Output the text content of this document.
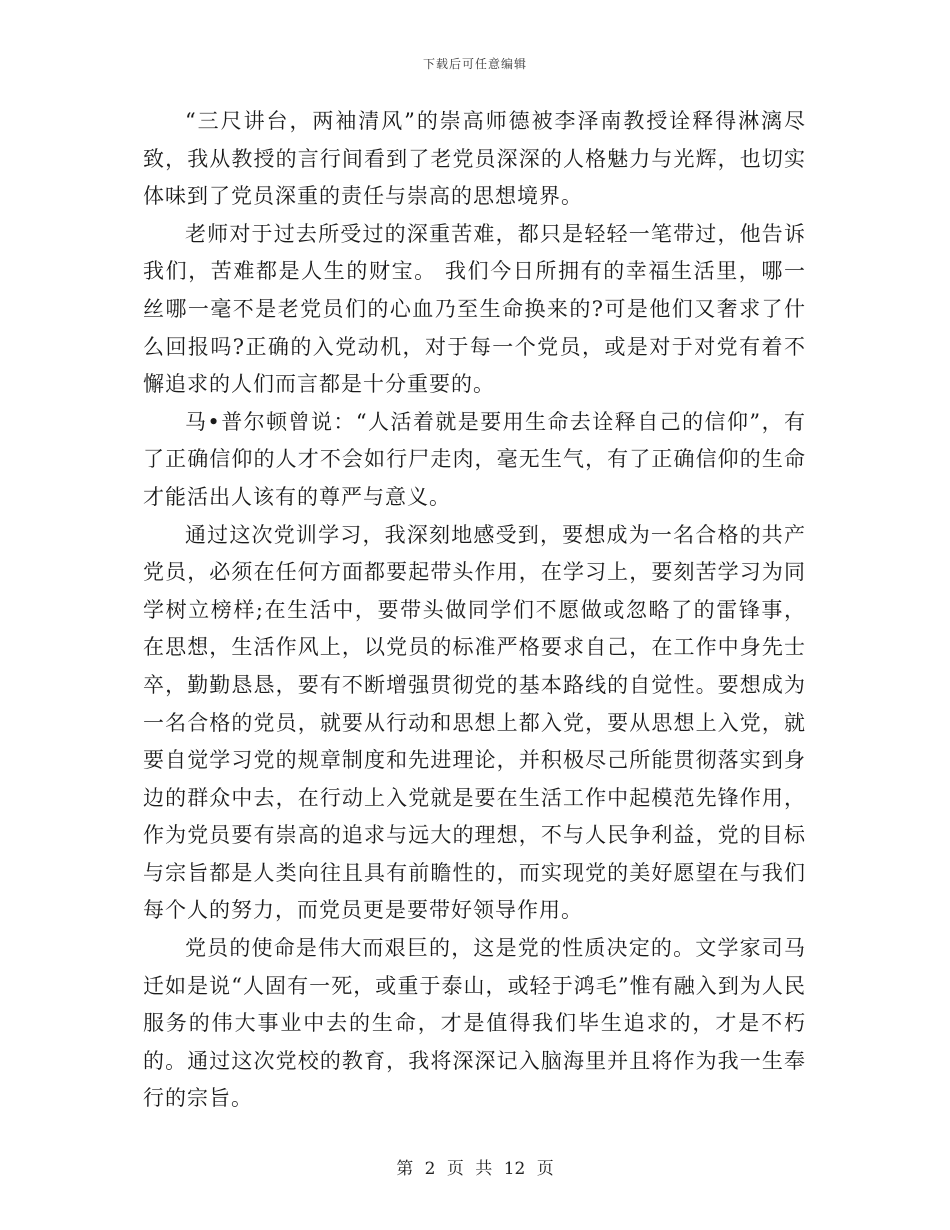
下载后可任意编辑

“三尺讲台，两袖清风”的崇高师德被李泽南教授诠释得淋漓尽致，我从教授的言行间看到了老党员深深的人格魅力与光辉，也切实体味到了党员深重的责任与崇高的思想境界。

老师对于过去所受过的深重苦难，都只是轻轻一笔带过，他告诉我们，苦难都是人生的财宝。 我们今日所拥有的幸福生活里，哪一丝哪一毫不是老党员们的心血乃至生命换来的?可是他们又奢求了什么回报吗?正确的入党动机，对于每一个党员，或是对于对党有着不懈追求的人们而言都是十分重要的。

马•普尔顿曾说：“人活着就是要用生命去诠释自己的信仰”，有了正确信仰的人才不会如行尸走肉，毫无生气，有了正确信仰的生命才能活出人该有的尊严与意义。

通过这次党训学习，我深刻地感受到，要想成为一名合格的共产党员，必须在任何方面都要起带头作用，在学习上，要刻苦学习为同学树立榜样;在生活中，要带头做同学们不愿做或忽略了的雷锋事，在思想，生活作风上，以党员的标准严格要求自己，在工作中身先士卒，勤勤恳恳，要有不断增强贯彻党的基本路线的自觉性。要想成为一名合格的党员，就要从行动和思想上都入党，要从思想上入党，就要自觉学习党的规章制度和先进理论，并积极尽己所能贯彻落实到身边的群众中去，在行动上入党就是要在生活工作中起模范先锋作用，作为党员要有崇高的追求与远大的理想，不与人民争利益，党的目标与宗旨都是人类向往且具有前瞻性的，而实现党的美好愿望在与我们每个人的努力，而党员更是要带好领导作用。

党员的使命是伟大而艰巨的，这是党的性质决定的。文学家司马迁如是说“人固有一死，或重于泰山，或轻于鸿毛”惟有融入到为人民服务的伟大事业中去的生命，才是值得我们毕生追求的，才是不朽的。通过这次党校的教育，我将深深记入脑海里并且将作为我一生奉行的宗旨。

第 2 页 共 12 页
